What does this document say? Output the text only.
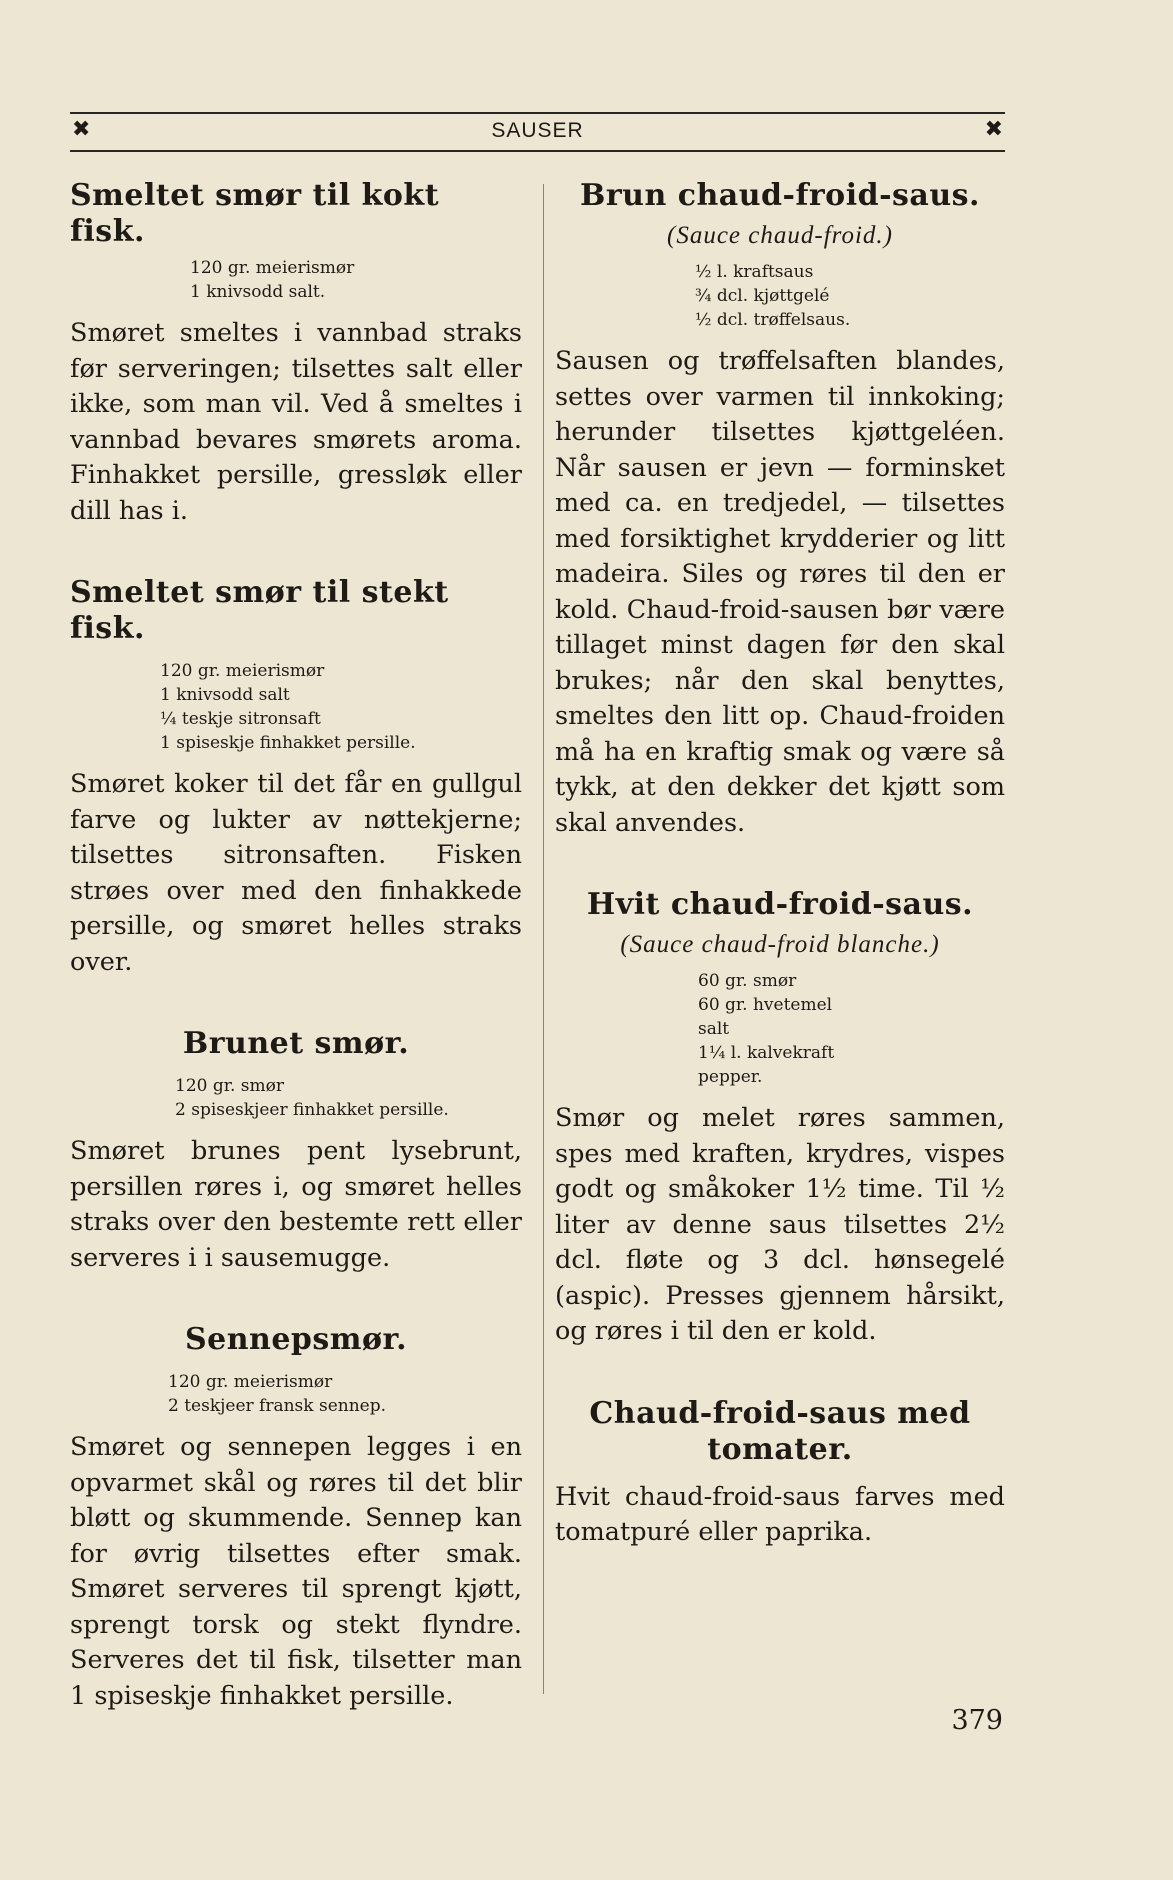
✖	SAUSER	✖
Smeltet smør til kokt fisk.
120 gr. meierismør
1 knivsodd salt.

Smøret smeltes i vannbad straks før serveringen; tilsettes salt eller ikke, som man vil. Ved å smeltes i vannbad bevares smørets aroma. Finhakket persille, gressløk eller dill has i.

Smeltet smør til stekt fisk.
120 gr. meierismør
1 knivsodd salt
¼ teskje sitronsaft
1 spiseskje finhakket persille.

Smøret koker til det får en gullgul farve og lukter av nøttekjerne; tilsettes sitronsaften. Fisken strøes over med den finhakkede persille, og smøret helles straks over.

Brunet smør.
120 gr. smør
2 spiseskjeer finhakket persille.

Smøret brunes pent lysebrunt, persillen røres i, og smøret helles straks over den bestemte rett eller serveres i i sausemugge.

Sennepsmør.
120 gr. meierismør
2 teskjeer fransk sennep.

Smøret og sennepen legges i en opvarmet skål og røres til det blir bløtt og skummende. Sennep kan for øvrig tilsettes efter smak. Smøret serveres til sprengt kjøtt, sprengt torsk og stekt flyndre. Serveres det til fisk, tilsetter man 1 spiseskje finhakket persille.

Brun chaud-froid-saus.
(Sauce chaud-froid.)
½ l. kraftsaus
¾ dcl. kjøttgelé
½ dcl. trøffelsaus.

Sausen og trøffelsaften blandes, settes over varmen til innkoking; herunder tilsettes kjøttgeléen. Når sausen er jevn — forminsket med ca. en tredjedel, — tilsettes med forsiktighet krydderier og litt madeira. Siles og røres til den er kold. Chaud-froid-sausen bør være tillaget minst dagen før den skal brukes; når den skal benyttes, smeltes den litt op. Chaud-froiden må ha en kraftig smak og være så tykk, at den dekker det kjøtt som skal anvendes.

Hvit chaud-froid-saus.
(Sauce chaud-froid blanche.)
60 gr. smør
60 gr. hvetemel
salt
1¼ l. kalvekraft
pepper.

Smør og melet røres sammen, spes med kraften, krydres, vispes godt og småkoker 1½ time. Til ½ liter av denne saus tilsettes 2½ dcl. fløte og 3 dcl. hønsegelé (aspic). Presses gjennem hårsikt, og røres i til den er kold.

Chaud-froid-saus med tomater.

Hvit chaud-froid-saus farves med tomatpuré eller paprika.

379
